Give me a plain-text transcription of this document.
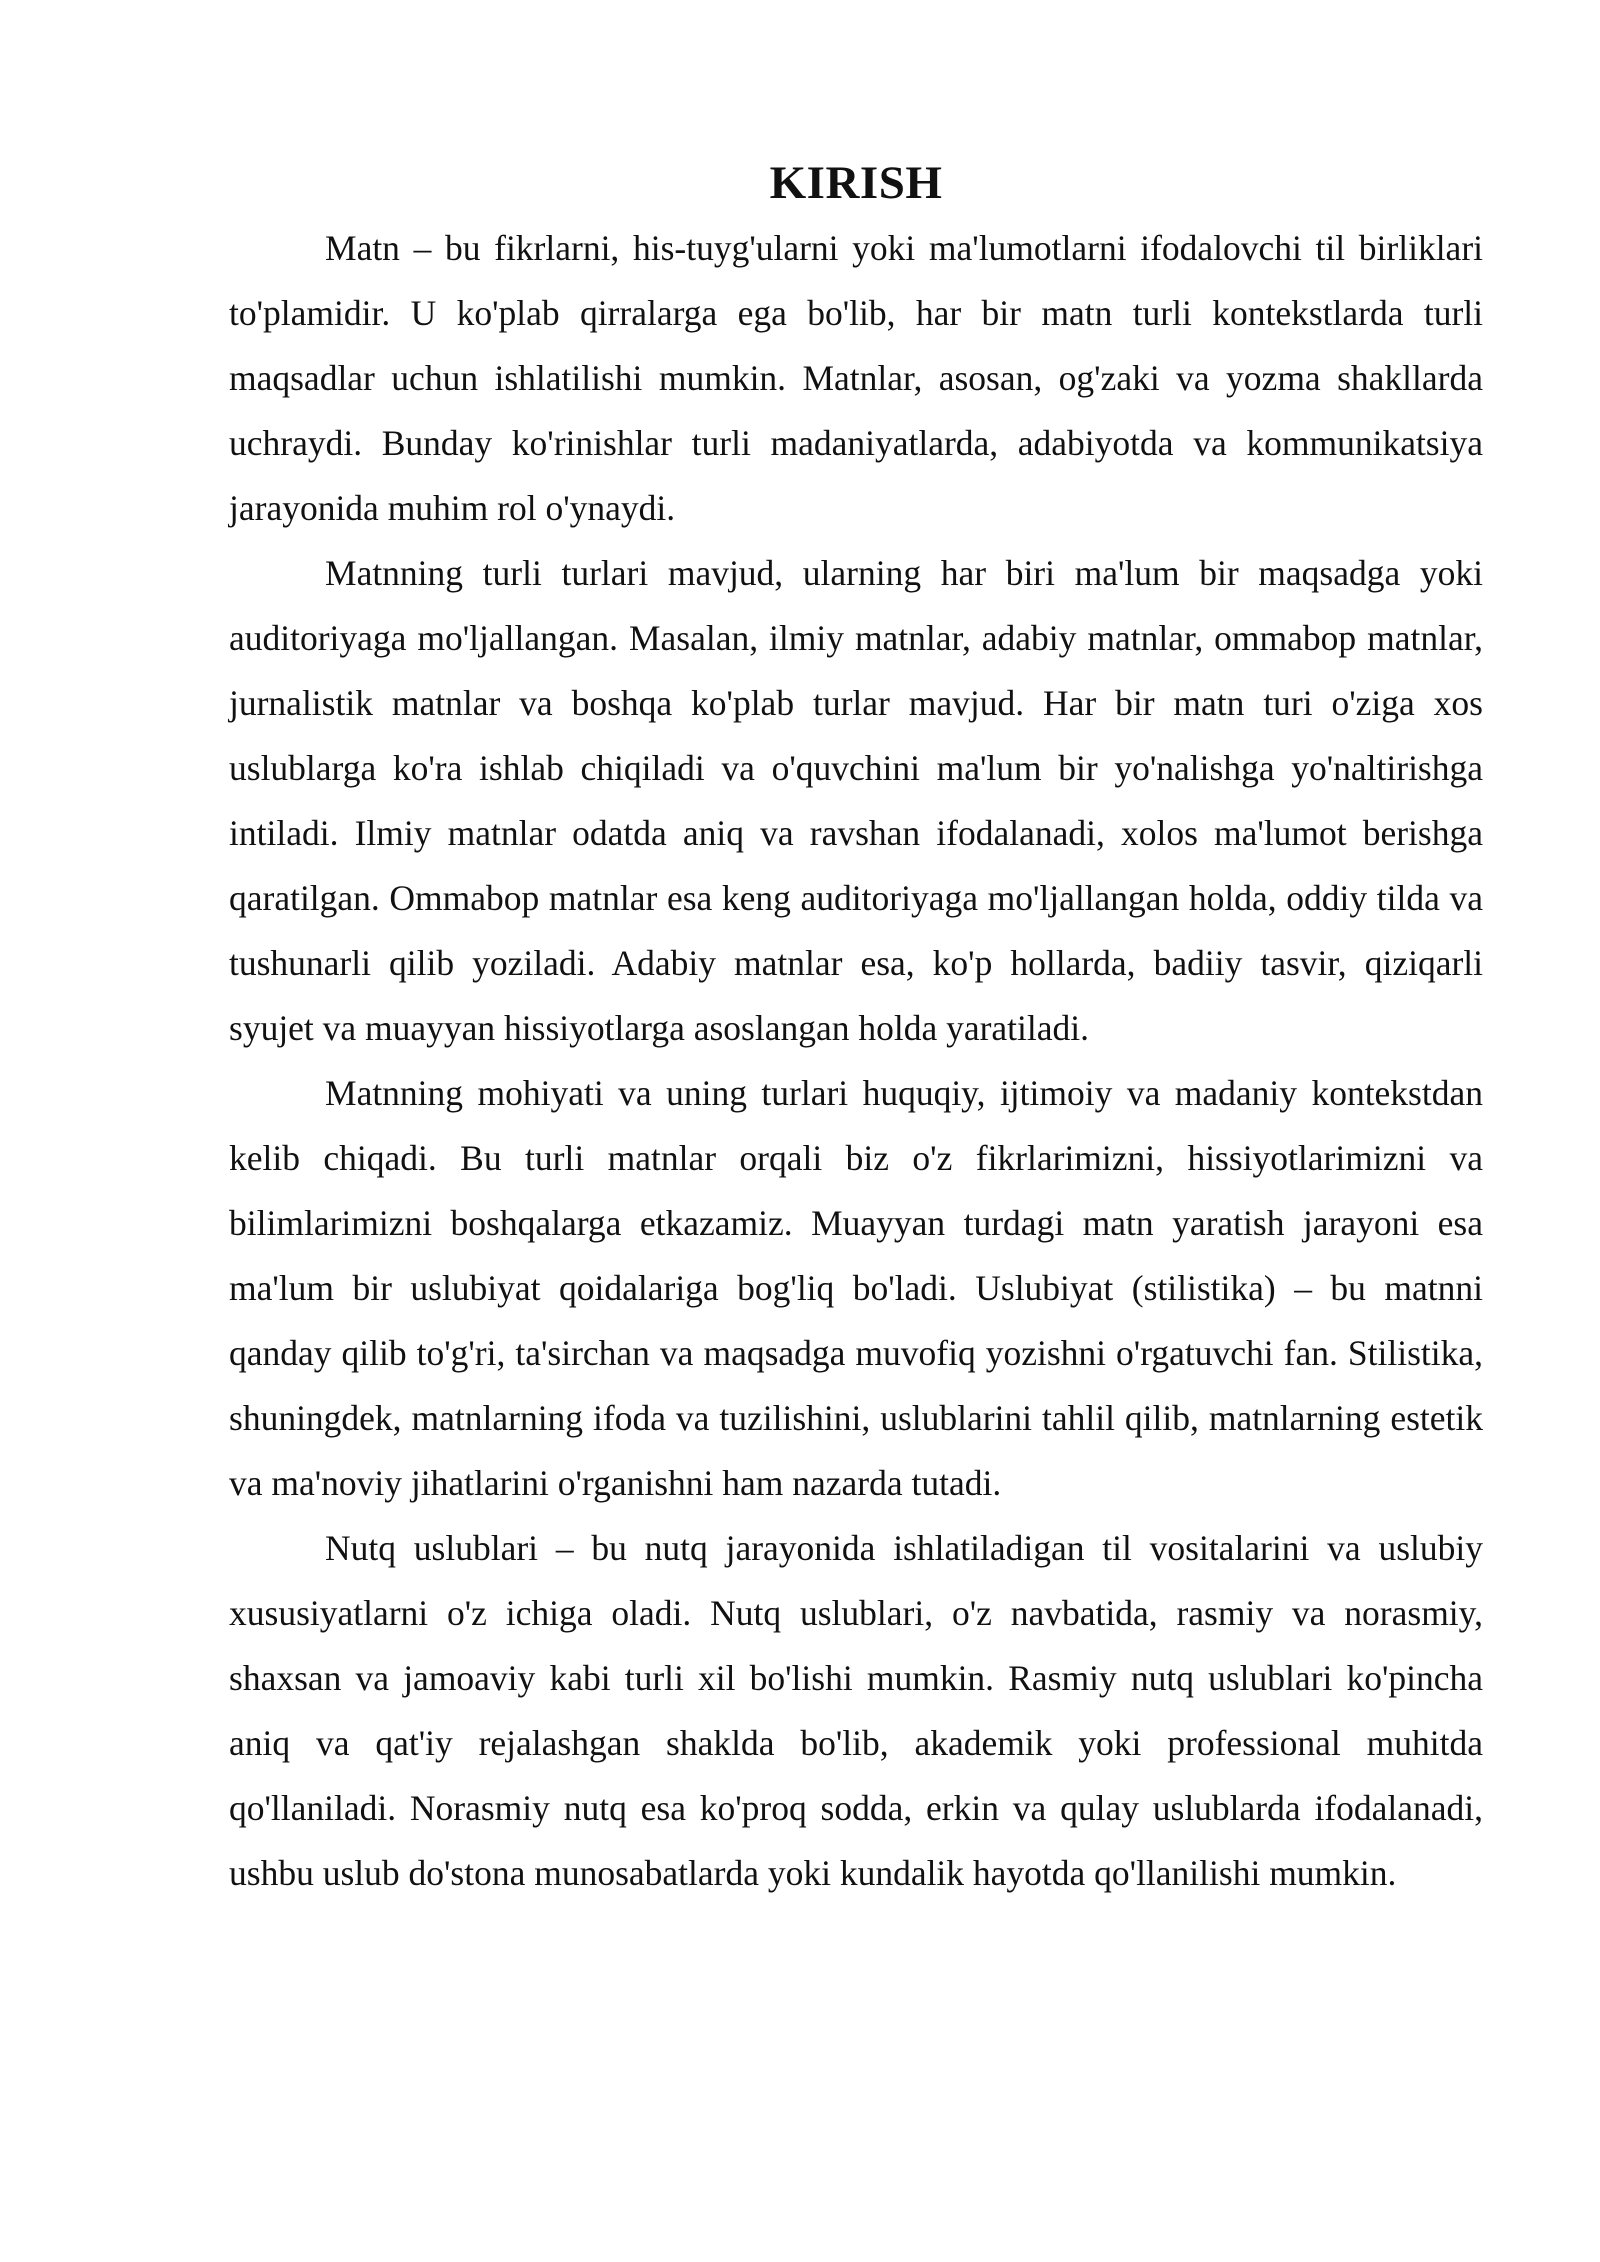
KIRISH

Matn – bu fikrlarni, his-tuyg'ularni yoki ma'lumotlarni ifodalovchi til birliklari to'plamidir. U ko'plab qirralarga ega bo'lib, har bir matn turli kontekstlarda turli maqsadlar uchun ishlatilishi mumkin. Matnlar, asosan, og'zaki va yozma shakllarda uchraydi. Bunday ko'rinishlar turli madaniyatlarda, adabiyotda va kommunikatsiya jarayonida muhim rol o'ynaydi.

Matnning turli turlari mavjud, ularning har biri ma'lum bir maqsadga yoki auditoriyaga mo'ljallangan. Masalan, ilmiy matnlar, adabiy matnlar, ommabop matnlar, jurnalistik matnlar va boshqa ko'plab turlar mavjud. Har bir matn turi o'ziga xos uslublarga ko'ra ishlab chiqiladi va o'quvchini ma'lum bir yo'nalishga yo'naltirishga intiladi. Ilmiy matnlar odatda aniq va ravshan ifodalanadi, xolos ma'lumot berishga qaratilgan. Ommabop matnlar esa keng auditoriyaga mo'ljallangan holda, oddiy tilda va tushunarli qilib yoziladi. Adabiy matnlar esa, ko'p hollarda, badiiy tasvir, qiziqarli syujet va muayyan hissiyotlarga asoslangan holda yaratiladi.

Matnning mohiyati va uning turlari huquqiy, ijtimoiy va madaniy kontekstdan kelib chiqadi. Bu turli matnlar orqali biz o'z fikrlarimizni, hissiyotlarimizni va bilimlarimizni boshqalarga etkazamiz. Muayyan turdagi matn yaratish jarayoni esa ma'lum bir uslubiyat qoidalariga bog'liq bo'ladi. Uslubiyat (stilistika) – bu matnni qanday qilib to'g'ri, ta'sirchan va maqsadga muvofiq yozishni o'rgatuvchi fan. Stilistika, shuningdek, matnlarning ifoda va tuzilishini, uslublarini tahlil qilib, matnlarning estetik va ma'noviy jihatlarini o'rganishni ham nazarda tutadi.

Nutq uslublari – bu nutq jarayonida ishlatiladigan til vositalarini va uslubiy xususiyatlarni o'z ichiga oladi. Nutq uslublari, o'z navbatida, rasmiy va norasmiy, shaxsan va jamoaviy kabi turli xil bo'lishi mumkin. Rasmiy nutq uslublari ko'pincha aniq va qat'iy rejalashgan shaklda bo'lib, akademik yoki professional muhitda qo'llaniladi. Norasmiy nutq esa ko'proq sodda, erkin va qulay uslublarda ifodalanadi, ushbu uslub do'stona munosabatlarda yoki kundalik hayotda qo'llanilishi mumkin.
